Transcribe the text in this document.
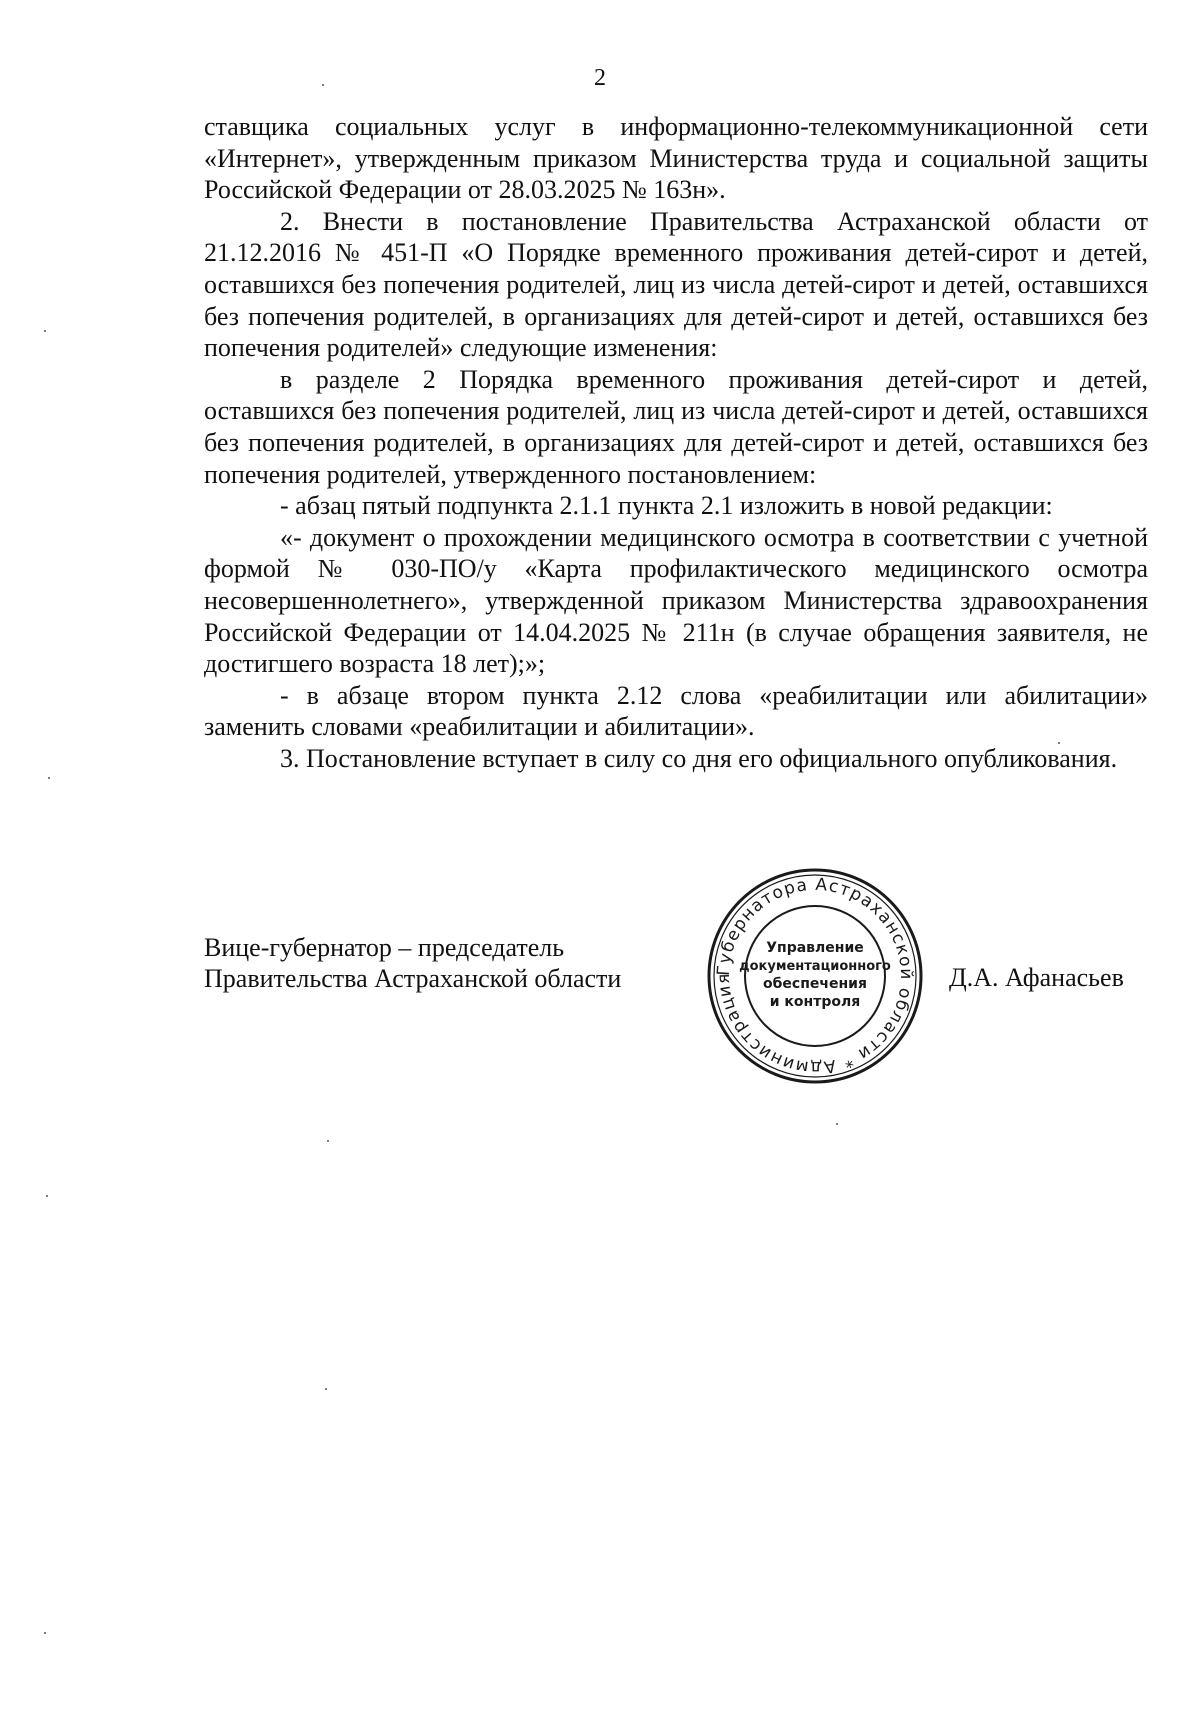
2

ставщика социальных услуг в информационно-телекоммуникационной сети «Интернет», утвержденным приказом Министерства труда и социальной защиты Российской Федерации от 28.03.2025 № 163н».

2. Внести в постановление Правительства Астраханской области от 21.12.2016 № 451-П «О Порядке временного проживания детей-сирот и детей, оставшихся без попечения родителей, лиц из числа детей-сирот и детей, оставшихся без попечения родителей, в организациях для детей-сирот и детей, оставшихся без попечения родителей» следующие изменения:

в разделе 2 Порядка временного проживания детей-сирот и детей, оставшихся без попечения родителей, лиц из числа детей-сирот и детей, оставшихся без попечения родителей, в организациях для детей-сирот и детей, оставшихся без попечения родителей, утвержденного постановлением:

- абзац пятый подпункта 2.1.1 пункта 2.1 изложить в новой редакции:

«- документ о прохождении медицинского осмотра в соответствии с учетной формой № 030-ПО/у «Карта профилактического медицинского осмотра несовершеннолетнего», утвержденной приказом Министерства здравоохранения Российской Федерации от 14.04.2025 № 211н (в случае обращения заявителя, не достигшего возраста 18 лет);»;

- в абзаце втором пункта 2.12 слова «реабилитации или абилитации» заменить словами «реабилитации и абилитации».

3. Постановление вступает в силу со дня его официального опубликования.

Вице-губернатор – председатель
Правительства Астраханской области	Губернатора Астраханской области * Администрация
Управление
документационного
обеспечения
и контроля
Д.А. Афанасьев
